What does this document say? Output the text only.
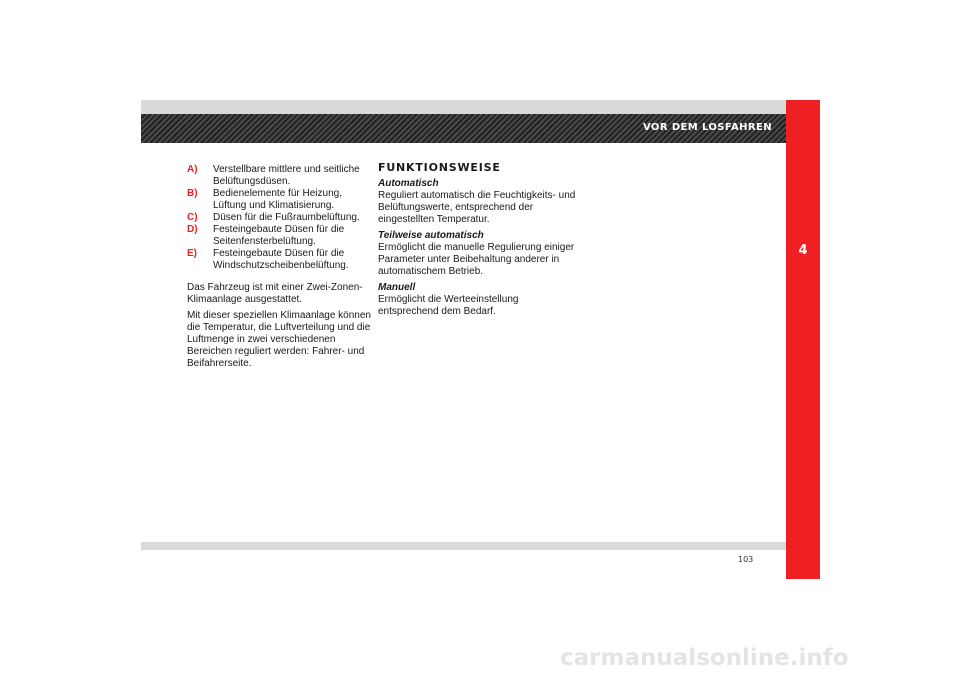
VOR DEM LOSFAHREN
4
A)	Verstellbare mittlere und seitliche Belüftungsdüsen.
B)	Bedienelemente für Heizung, Lüftung und Klimatisierung.
C)	Düsen für die Fußraumbelüftung.
D)	Festeingebaute Düsen für die Seitenfensterbelüftung.
E)	Festeingebaute Düsen für die Windschutzscheibenbelüftung.

Das Fahrzeug ist mit einer Zwei-Zonen-Klimaanlage ausgestattet.

Mit dieser speziellen Klimaanlage können die Temperatur, die Luftverteilung und die Luftmenge in zwei verschiedenen Bereichen reguliert werden: Fahrer- und Beifahrerseite.

FUNKTIONSWEISE
Automatisch
Reguliert automatisch die Feuchtigkeits- und Belüftungswerte, entsprechend der eingestellten Temperatur.
Teilweise automatisch
Ermöglicht die manuelle Regulierung einiger Parameter unter Beibehaltung anderer in automatischem Betrieb.
Manuell
Ermöglicht die Werteeinstellung entsprechend dem Bedarf.
103
carmanualsonline.info
